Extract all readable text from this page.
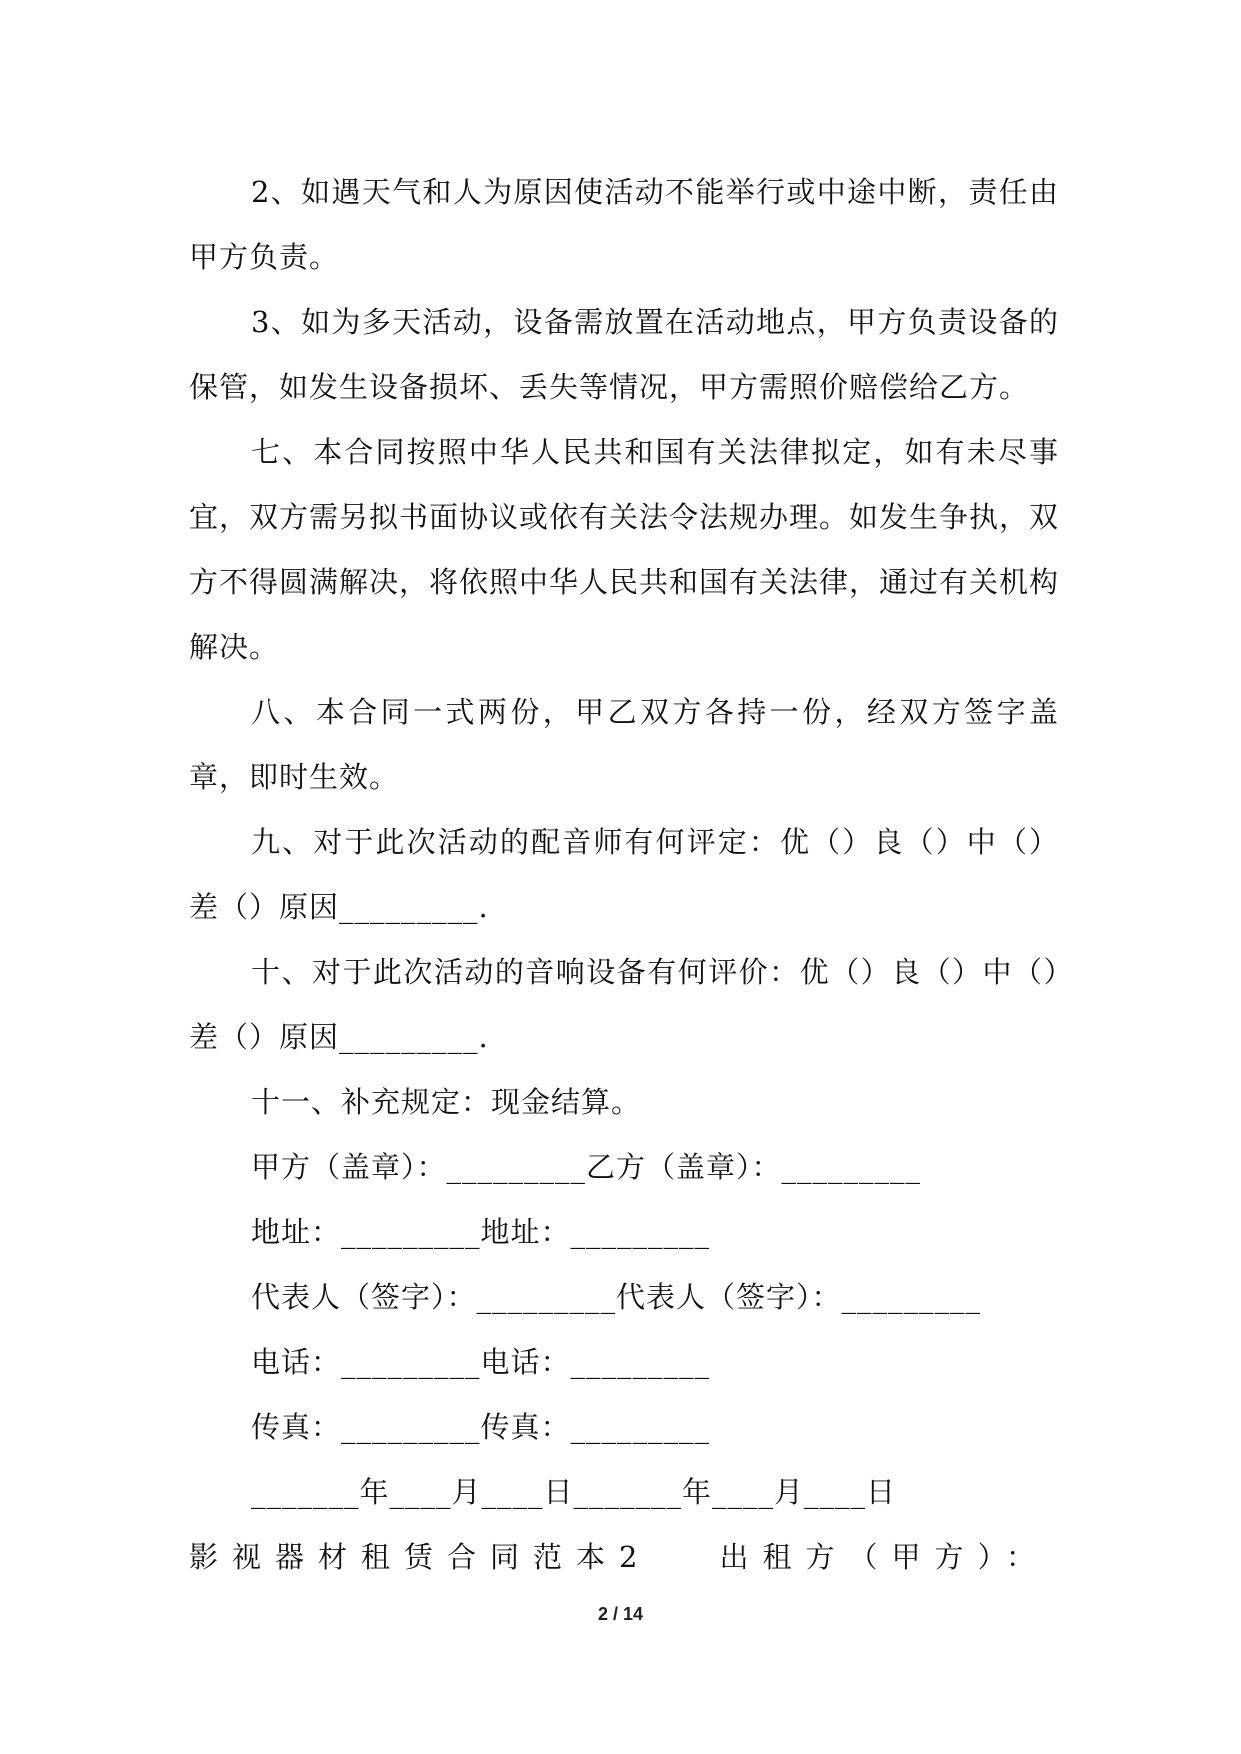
2、如遇天气和人为原因使活动不能举行或中途中断，责任由甲方负责。

3、如为多天活动，设备需放置在活动地点，甲方负责设备的保管，如发生设备损坏、丢失等情况，甲方需照价赔偿给乙方。

七、本合同按照中华人民共和国有关法律拟定，如有未尽事宜，双方需另拟书面协议或依有关法令法规办理。如发生争执，双方不得圆满解决，将依照中华人民共和国有关法律，通过有关机构解决。

八、本合同一式两份，甲乙双方各持一份，经双方签字盖章，即时生效。

九、对于此次活动的配音师有何评定：优（）良（）中（）差（）原因_________.

十、对于此次活动的音响设备有何评价：优（）良（）中（）差（）原因_________.

十一、补充规定：现金结算。

甲方（盖章）：_________乙方（盖章）：_________

地址：_________地址：_________

代表人（签字）：_________代表人（签字）：_________

电话：_________电话：_________

传真：_________传真：_________

_______年____月____日_______年____月____日

影视器材租赁合同范本2 出租方（甲方）：
2 / 14
